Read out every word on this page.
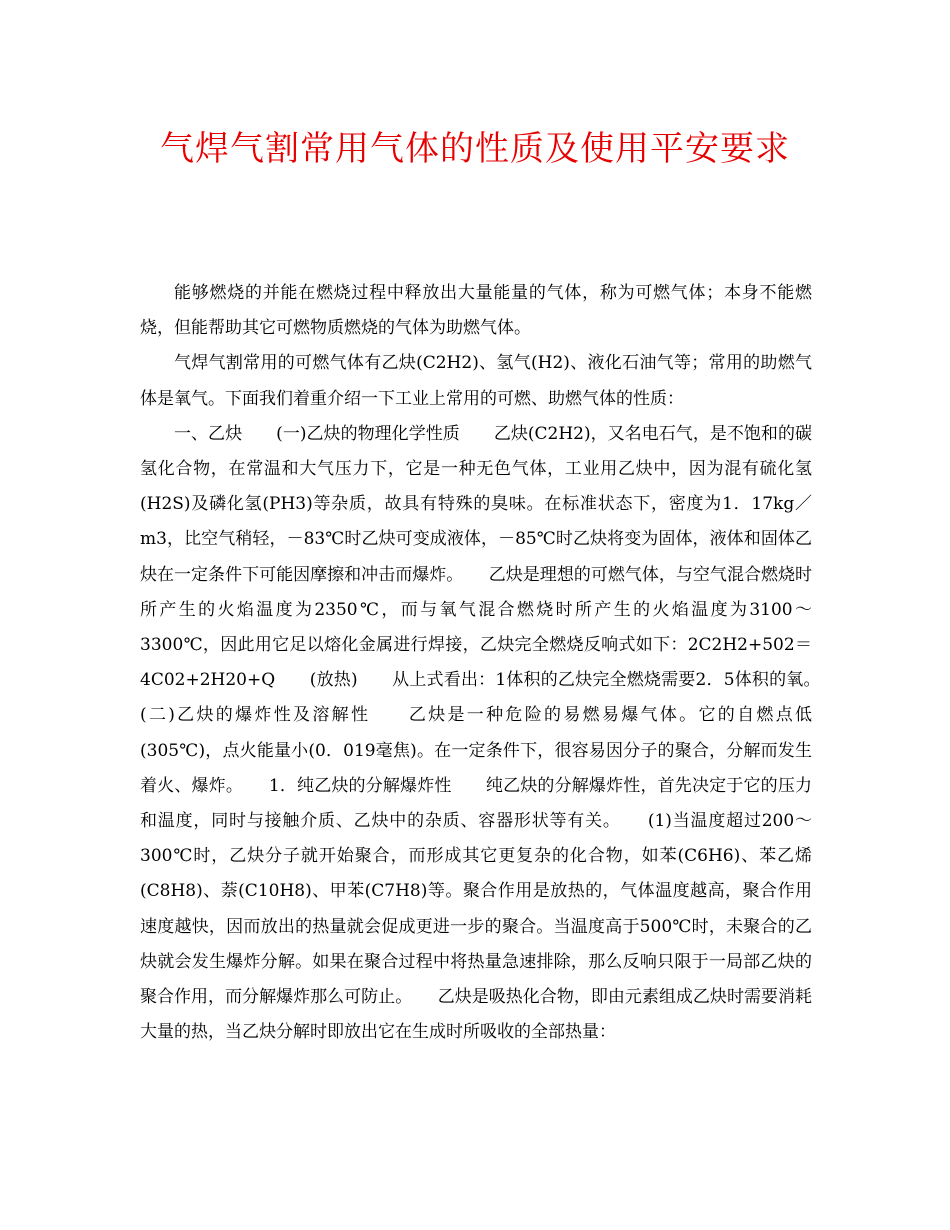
气焊气割常用气体的性质及使用平安要求

能够燃烧的并能在燃烧过程中释放出大量能量的气体，称为可燃气体；本身不能燃烧，但能帮助其它可燃物质燃烧的气体为助燃气体。

气焊气割常用的可燃气体有乙炔(C2H2)、氢气(H2)、液化石油气等；常用的助燃气体是氧气。下面我们着重介绍一下工业上常用的可燃、助燃气体的性质：

一、乙炔　　(一)乙炔的物理化学性质　　乙炔(C2H2)，又名电石气，是不饱和的碳氢化合物，在常温和大气压力下，它是一种无色气体，工业用乙炔中，因为混有硫化氢(H2S)及磷化氢(PH3)等杂质，故具有特殊的臭味。在标准状态下，密度为1．17kg／m3，比空气稍轻，－83℃时乙炔可变成液体，－85℃时乙炔将变为固体，液体和固体乙炔在一定条件下可能因摩擦和冲击而爆炸。　　乙炔是理想的可燃气体，与空气混合燃烧时所产生的火焰温度为2350℃，而与氧气混合燃烧时所产生的火焰温度为3100～3300℃，因此用它足以熔化金属进行焊接，乙炔完全燃烧反响式如下：2C2H2+502＝4C02+2H20+Q　　(放热)　　从上式看出：1体积的乙炔完全燃烧需要2．5体积的氧。　　(二)乙炔的爆炸性及溶解性　　乙炔是一种危险的易燃易爆气体。它的自燃点低(305℃)，点火能量小(0．019毫焦)。在一定条件下，很容易因分子的聚合，分解而发生着火、爆炸。　　1．纯乙炔的分解爆炸性　　纯乙炔的分解爆炸性，首先决定于它的压力和温度，同时与接触介质、乙炔中的杂质、容器形状等有关。　　(1)当温度超过200～300℃时，乙炔分子就开始聚合，而形成其它更复杂的化合物，如苯(C6H6)、苯乙烯(C8H8)、萘(C10H8)、甲苯(C7H8)等。聚合作用是放热的，气体温度越高，聚合作用速度越快，因而放出的热量就会促成更进一步的聚合。当温度高于500℃时，未聚合的乙炔就会发生爆炸分解。如果在聚合过程中将热量急速排除，那么反响只限于一局部乙炔的聚合作用，而分解爆炸那么可防止。　　乙炔是吸热化合物，即由元素组成乙炔时需要消耗大量的热，当乙炔分解时即放出它在生成时所吸收的全部热量：
